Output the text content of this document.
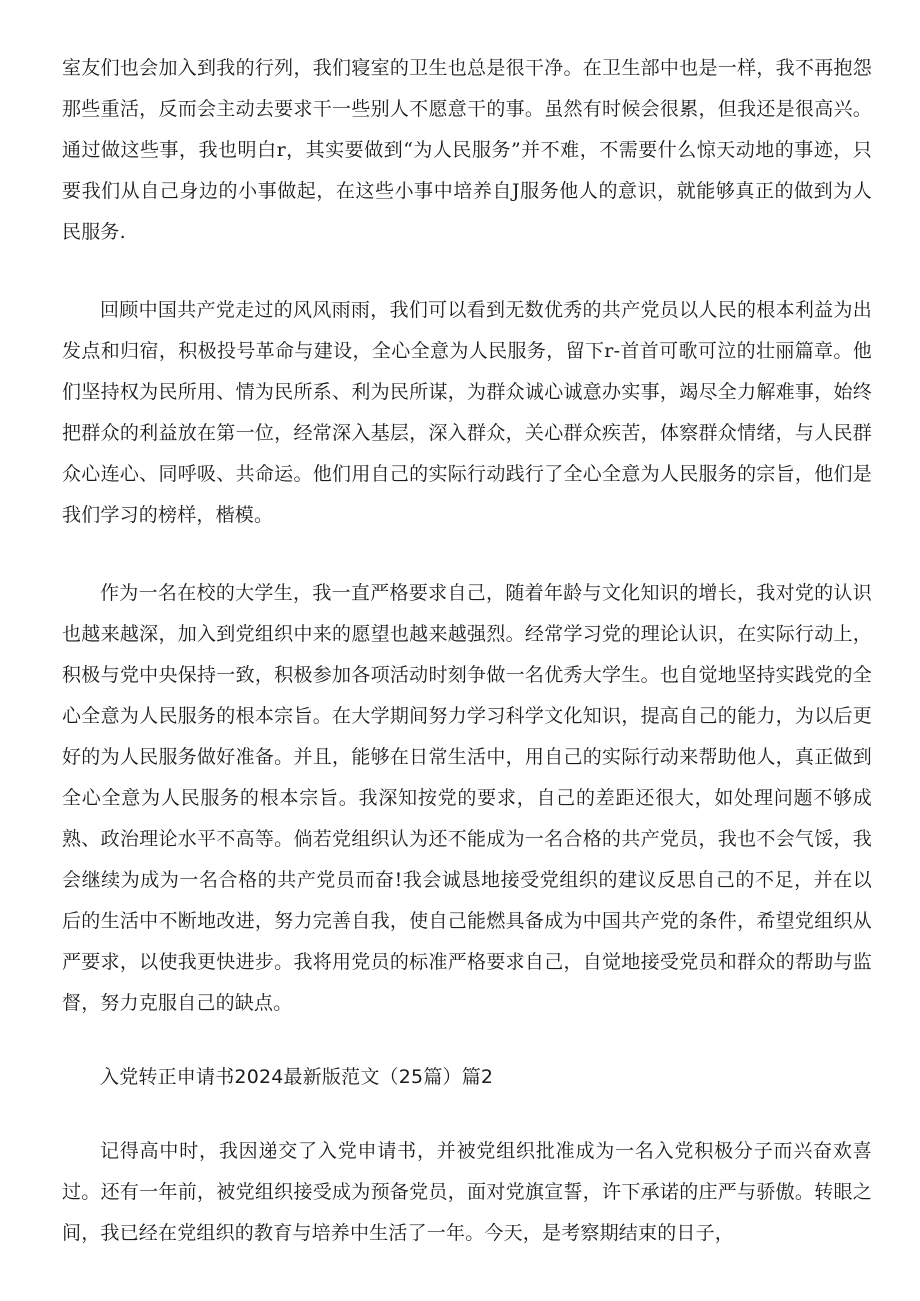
室友们也会加入到我的行列，我们寝室的卫生也总是很干净。在卫生部中也是一样，我不再抱怨那些重活，反而会主动去要求干一些别人不愿意干的事。虽然有时候会很累，但我还是很高兴。通过做这些事，我也明白r，其实要做到“为人民服务”并不难，不需要什么惊天动地的事迹，只要我们从自己身边的小事做起，在这些小事中培养自J服务他人的意识，就能够真正的做到为人民服务.

回顾中国共产党走过的风风雨雨，我们可以看到无数优秀的共产党员以人民的根本利益为出发点和归宿，积极投号革命与建设，全心全意为人民服务，留下r-首首可歌可泣的壮丽篇章。他们坚持权为民所用、情为民所系、利为民所谋，为群众诚心诚意办实事，竭尽全力解难事，始终把群众的利益放在第一位，经常深入基层，深入群众，关心群众疾苦，体察群众情绪，与人民群众心连心、同呼吸、共命运。他们用自己的实际行动践行了全心全意为人民服务的宗旨，他们是我们学习的榜样，楷模。

作为一名在校的大学生，我一直严格要求自己，随着年龄与文化知识的增长，我对党的认识也越来越深，加入到党组织中来的愿望也越来越强烈。经常学习党的理论认识，在实际行动上，积极与党中央保持一致，积极参加各项活动时刻争做一名优秀大学生。也自觉地坚持实践党的全心全意为人民服务的根本宗旨。在大学期间努力学习科学文化知识，提高自己的能力，为以后更好的为人民服务做好准备。并且，能够在日常生活中，用自己的实际行动来帮助他人，真正做到全心全意为人民服务的根本宗旨。我深知按党的要求，自己的差距还很大，如处理问题不够成熟、政治理论水平不高等。倘若党组织认为还不能成为一名合格的共产党员，我也不会气馁，我会继续为成为一名合格的共产党员而奋!我会诚恳地接受党组织的建议反思自己的不足，并在以后的生活中不断地改进，努力完善自我，使自己能燃具备成为中国共产党的条件，希望党组织从严要求，以使我更快进步。我将用党员的标准严格要求自己，自觉地接受党员和群众的帮助与监督，努力克服自己的缺点。

入党转正申请书2024最新版范文（25篇）篇2

记得高中时，我因递交了入党申请书，并被党组织批准成为一名入党积极分子而兴奋欢喜过。还有一年前，被党组织接受成为预备党员，面对党旗宣誓，许下承诺的庄严与骄傲。转眼之间，我已经在党组织的教育与培养中生活了一年。今天，是考察期结束的日子，
